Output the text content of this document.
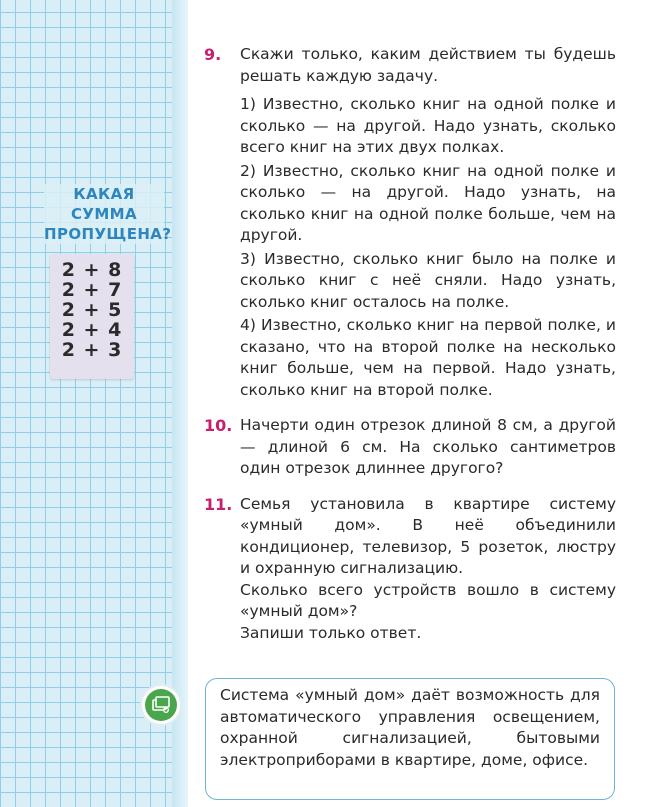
КАКАЯ
СУММА
ПРОПУЩЕНА?
2 + 8
2 + 7
2 + 5
2 + 4
2 + 3
9. Скажи только, каким действием ты будешь решать каждую задачу.
1) Известно, сколько книг на одной полке и сколько — на другой. Надо узнать, сколько всего книг на этих двух полках.
2) Известно, сколько книг на одной полке и сколько — на другой. Надо узнать, на сколько книг на одной полке больше, чем на другой.
3) Известно, сколько книг было на полке и сколько книг с неё сняли. Надо узнать, сколько книг осталось на полке.
4) Известно, сколько книг на первой полке, и сказано, что на второй полке на несколько книг больше, чем на первой. Надо узнать, сколько книг на второй полке.
10. Начерти один отрезок длиной 8 см, а другой — длиной 6 см. На сколько сантиметров один отрезок длиннее другого?
11. Семья установила в квартире систему «умный дом». В неё объединили кондиционер, телевизор, 5 розеток, люстру и охранную сигнализацию.
Сколько всего устройств вошло в систему «умный дом»?
Запиши только ответ.
Система «умный дом» даёт возможность для автоматического управления освещением, охранной сигнализацией, бытовыми электроприборами в квартире, доме, офисе.
